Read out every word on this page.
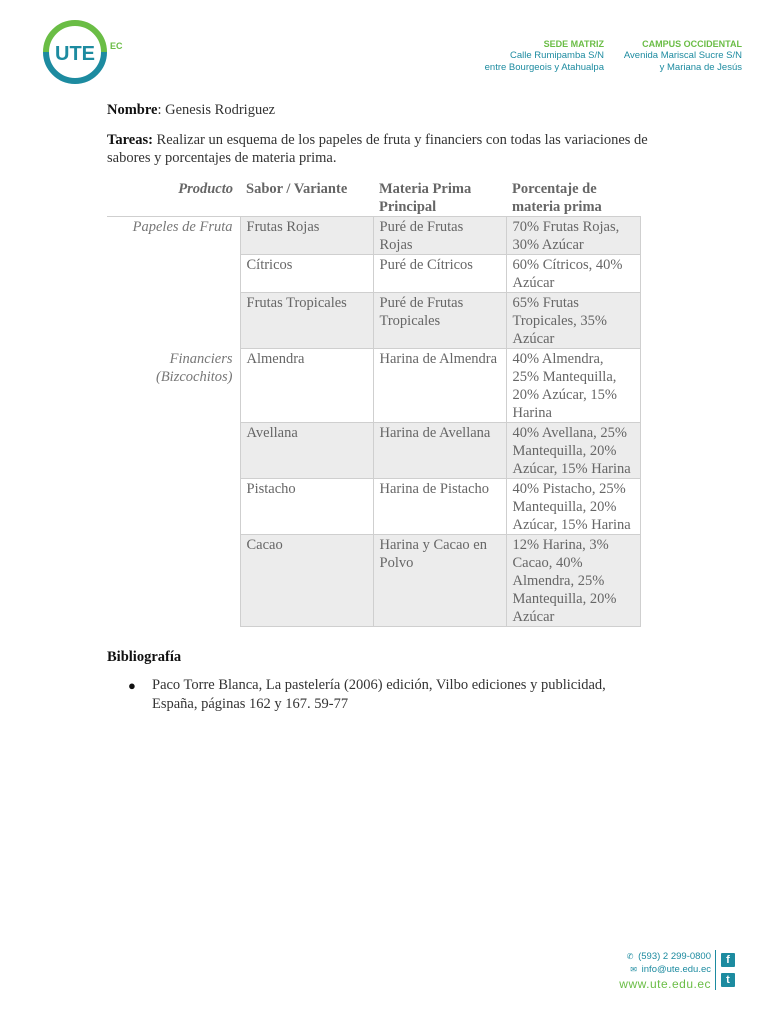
UTE EC	SEDE MATRIZ
Calle Rumipamba S/N
entre Bourgeois y Atahualpa
CAMPUS OCCIDENTAL
Avenida Mariscal Sucre S/N
y Mariana de Jesús
Nombre: Genesis Rodriguez
Tareas: Realizar un esquema de los papeles de fruta y financiers con todas las variaciones de sabores y porcentajes de materia prima.
Producto	Sabor / Variante	Materia Prima Principal	Porcentaje de materia prima
Papeles de Fruta	Frutas Rojas	Puré de Frutas Rojas	70% Frutas Rojas, 30% Azúcar
	Cítricos	Puré de Cítricos	60% Cítricos, 40% Azúcar
	Frutas Tropicales	Puré de Frutas Tropicales	65% Frutas Tropicales, 35% Azúcar
Financiers (Bizcochitos)	Almendra	Harina de Almendra	40% Almendra, 25% Mantequilla, 20% Azúcar, 15% Harina
	Avellana	Harina de Avellana	40% Avellana, 25% Mantequilla, 20% Azúcar, 15% Harina
	Pistacho	Harina de Pistacho	40% Pistacho, 25% Mantequilla, 20% Azúcar, 15% Harina
	Cacao	Harina y Cacao en Polvo	12% Harina, 3% Cacao, 40% Almendra, 25% Mantequilla, 20% Azúcar
Bibliografía
● Paco Torre Blanca, La pastelería (2006) edición, Vilbo ediciones y publicidad, España, páginas 162 y 167. 59-77
✆ (593) 2 299-0800
✉ info@ute.edu.ec
www.ute.edu.ec
f
t
